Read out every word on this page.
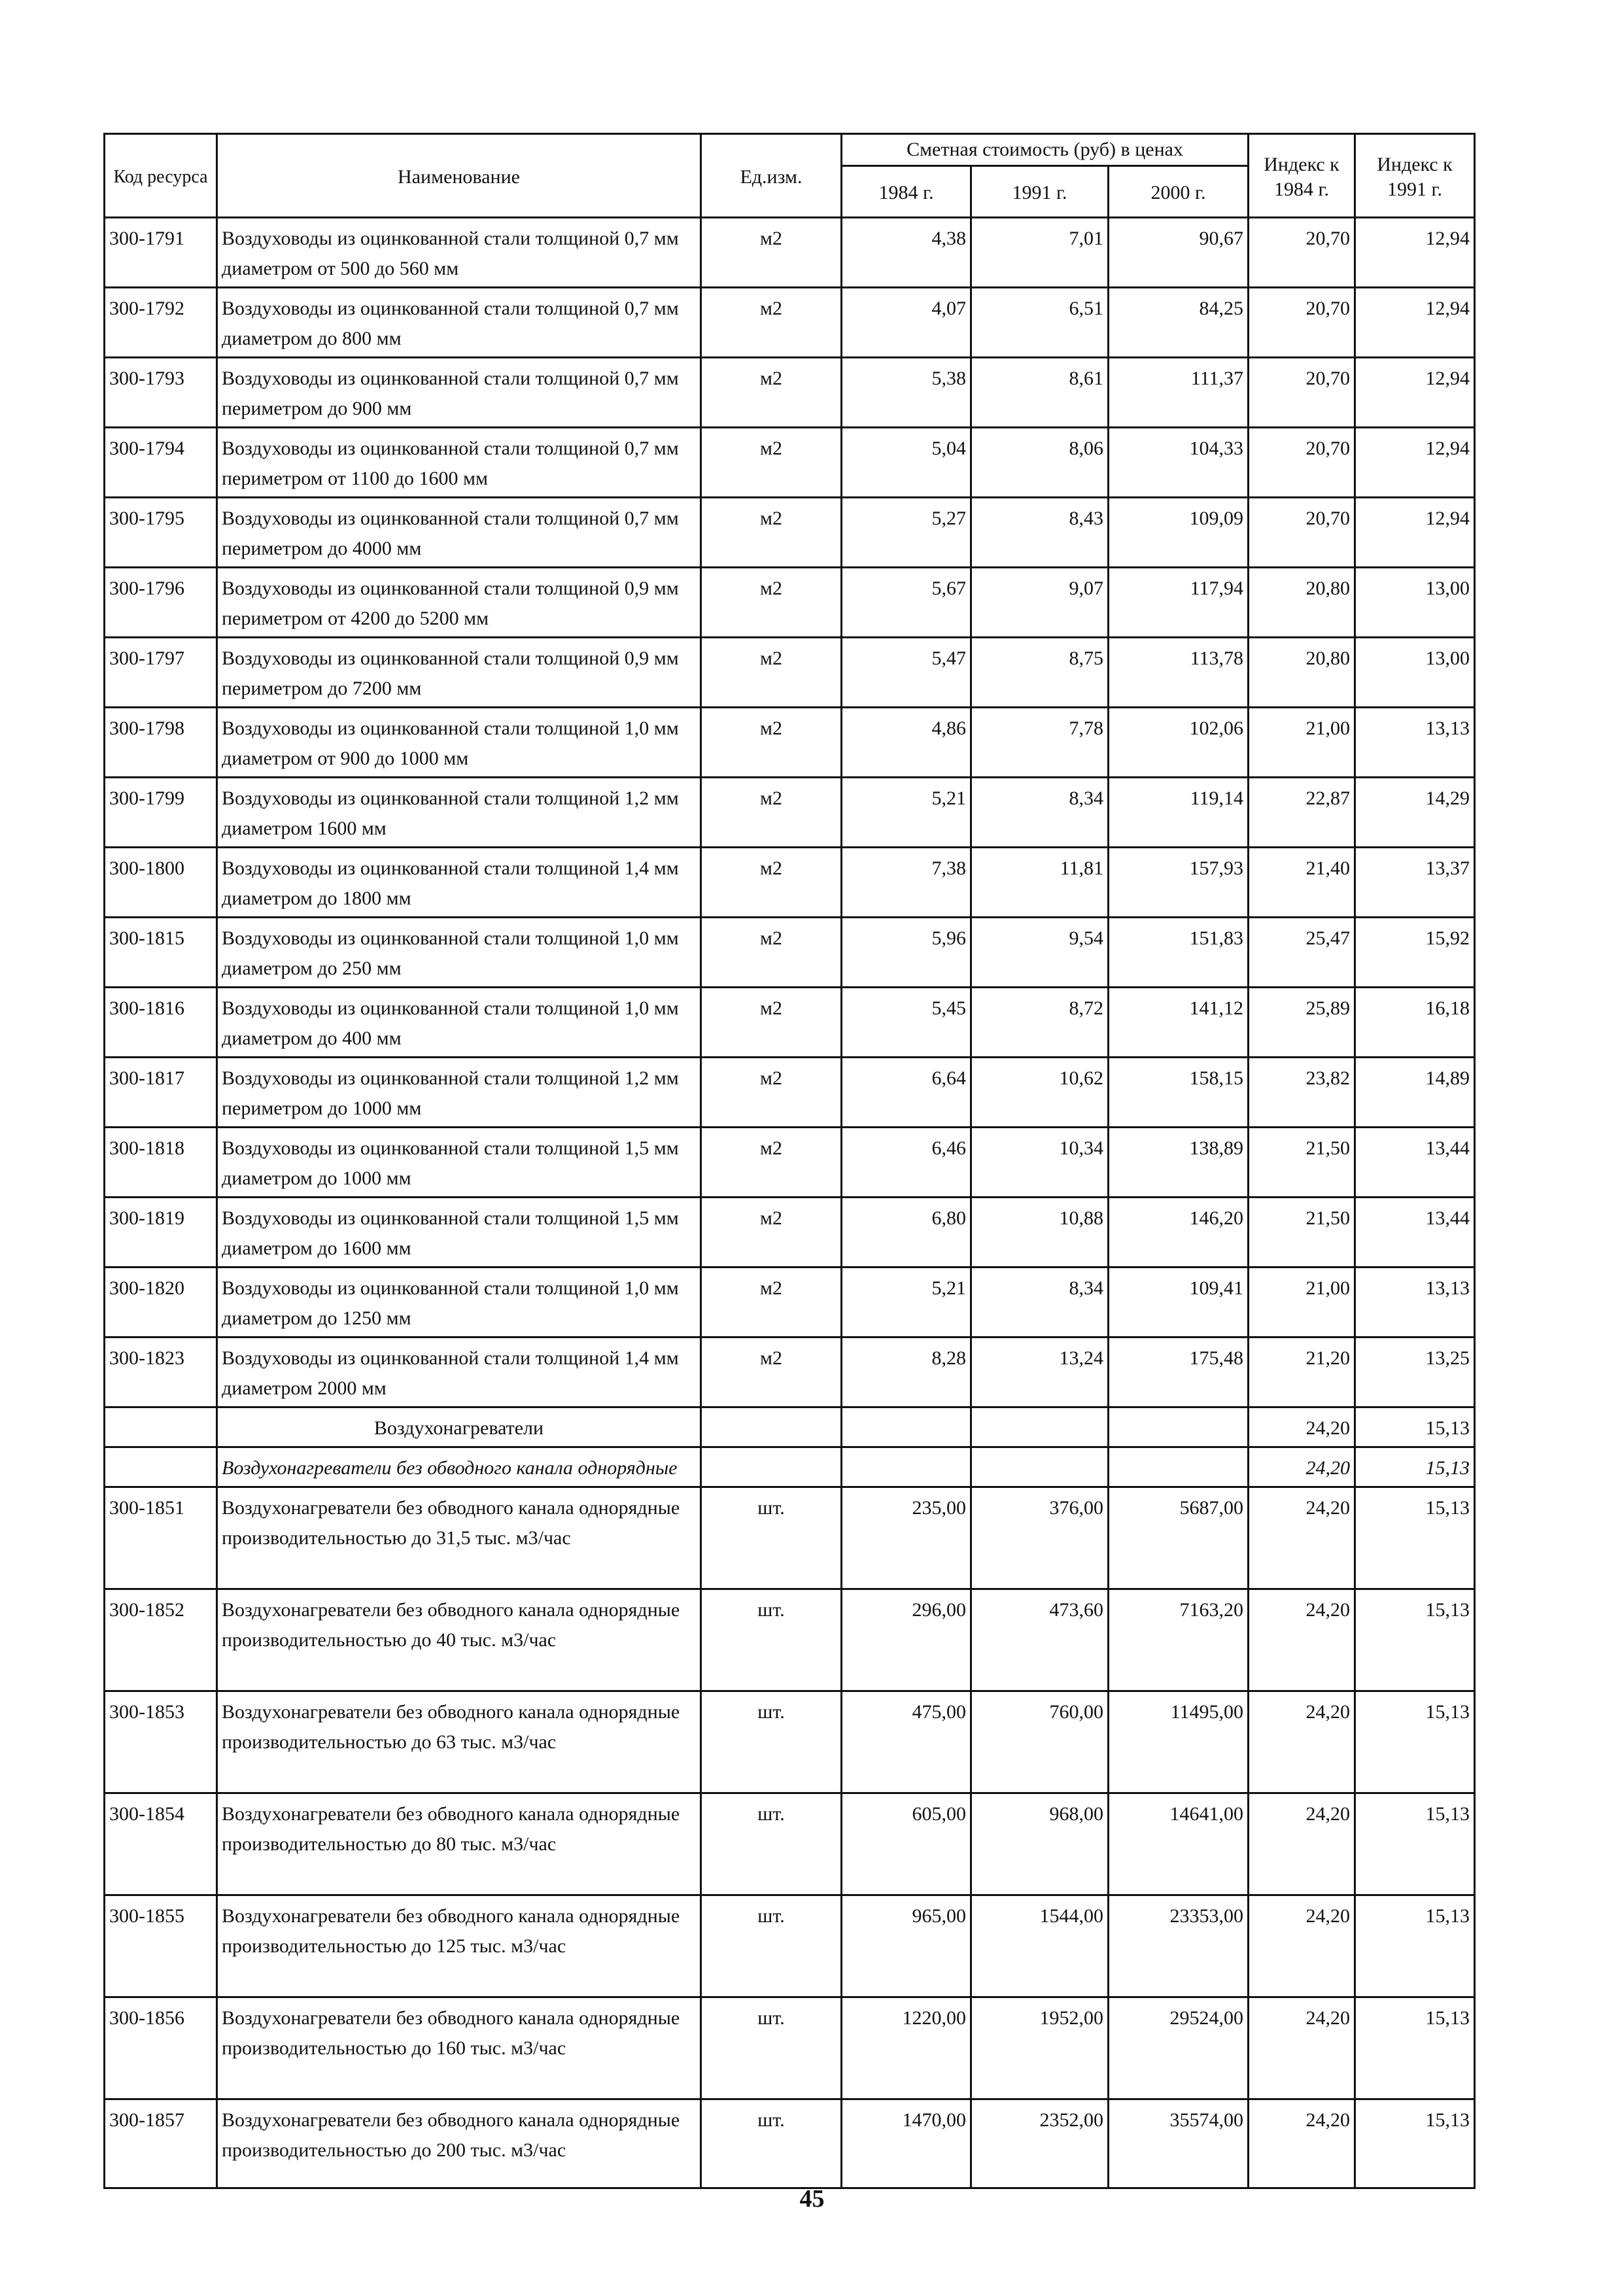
Код ресурса	Наименование	Ед.изм.	Сметная стоимость (руб) в ценах			Индекс к 1984 г.	Индекс к 1991 г.
			1984 г.	1991 г.	2000 г.		
300-1791	Воздуховоды из оцинкованной стали толщиной 0,7 мм диаметром от 500 до 560 мм	м2	4,38	7,01	90,67	20,70	12,94
300-1792	Воздуховоды из оцинкованной стали толщиной 0,7 мм диаметром до 800 мм	м2	4,07	6,51	84,25	20,70	12,94
300-1793	Воздуховоды из оцинкованной стали толщиной 0,7 мм периметром до 900 мм	м2	5,38	8,61	111,37	20,70	12,94
300-1794	Воздуховоды из оцинкованной стали толщиной 0,7 мм периметром от 1100 до 1600 мм	м2	5,04	8,06	104,33	20,70	12,94
300-1795	Воздуховоды из оцинкованной стали толщиной 0,7 мм периметром до 4000 мм	м2	5,27	8,43	109,09	20,70	12,94
300-1796	Воздуховоды из оцинкованной стали толщиной 0,9 мм периметром от 4200 до 5200 мм	м2	5,67	9,07	117,94	20,80	13,00
300-1797	Воздуховоды из оцинкованной стали толщиной 0,9 мм периметром до 7200 мм	м2	5,47	8,75	113,78	20,80	13,00
300-1798	Воздуховоды из оцинкованной стали толщиной 1,0 мм диаметром от 900 до 1000 мм	м2	4,86	7,78	102,06	21,00	13,13
300-1799	Воздуховоды из оцинкованной стали толщиной 1,2 мм диаметром 1600 мм	м2	5,21	8,34	119,14	22,87	14,29
300-1800	Воздуховоды из оцинкованной стали толщиной 1,4 мм диаметром до 1800 мм	м2	7,38	11,81	157,93	21,40	13,37
300-1815	Воздуховоды из оцинкованной стали толщиной 1,0 мм диаметром до 250 мм	м2	5,96	9,54	151,83	25,47	15,92
300-1816	Воздуховоды из оцинкованной стали толщиной 1,0 мм диаметром до 400 мм	м2	5,45	8,72	141,12	25,89	16,18
300-1817	Воздуховоды из оцинкованной стали толщиной 1,2 мм периметром до 1000 мм	м2	6,64	10,62	158,15	23,82	14,89
300-1818	Воздуховоды из оцинкованной стали толщиной 1,5 мм диаметром до 1000 мм	м2	6,46	10,34	138,89	21,50	13,44
300-1819	Воздуховоды из оцинкованной стали толщиной 1,5 мм диаметром до 1600 мм	м2	6,80	10,88	146,20	21,50	13,44
300-1820	Воздуховоды из оцинкованной стали толщиной 1,0 мм диаметром до 1250 мм	м2	5,21	8,34	109,41	21,00	13,13
300-1823	Воздуховоды из оцинкованной стали толщиной 1,4 мм диаметром 2000 мм	м2	8,28	13,24	175,48	21,20	13,25
	Воздухонагреватели					24,20	15,13
	Воздухонагреватели без обводного канала однорядные					24,20	15,13
300-1851	Воздухонагреватели без обводного канала однорядные производительностью до 31,5 тыс. м3/час	шт.	235,00	376,00	5687,00	24,20	15,13
300-1852	Воздухонагреватели без обводного канала однорядные производительностью до 40 тыс. м3/час	шт.	296,00	473,60	7163,20	24,20	15,13
300-1853	Воздухонагреватели без обводного канала однорядные производительностью до 63 тыс. м3/час	шт.	475,00	760,00	11495,00	24,20	15,13
300-1854	Воздухонагреватели без обводного канала однорядные производительностью до 80 тыс. м3/час	шт.	605,00	968,00	14641,00	24,20	15,13
300-1855	Воздухонагреватели без обводного канала однорядные производительностью до 125 тыс. м3/час	шт.	965,00	1544,00	23353,00	24,20	15,13
300-1856	Воздухонагреватели без обводного канала однорядные производительностью до 160 тыс. м3/час	шт.	1220,00	1952,00	29524,00	24,20	15,13
300-1857	Воздухонагреватели без обводного канала однорядные производительностью до 200 тыс. м3/час	шт.	1470,00	2352,00	35574,00	24,20	15,13
45
